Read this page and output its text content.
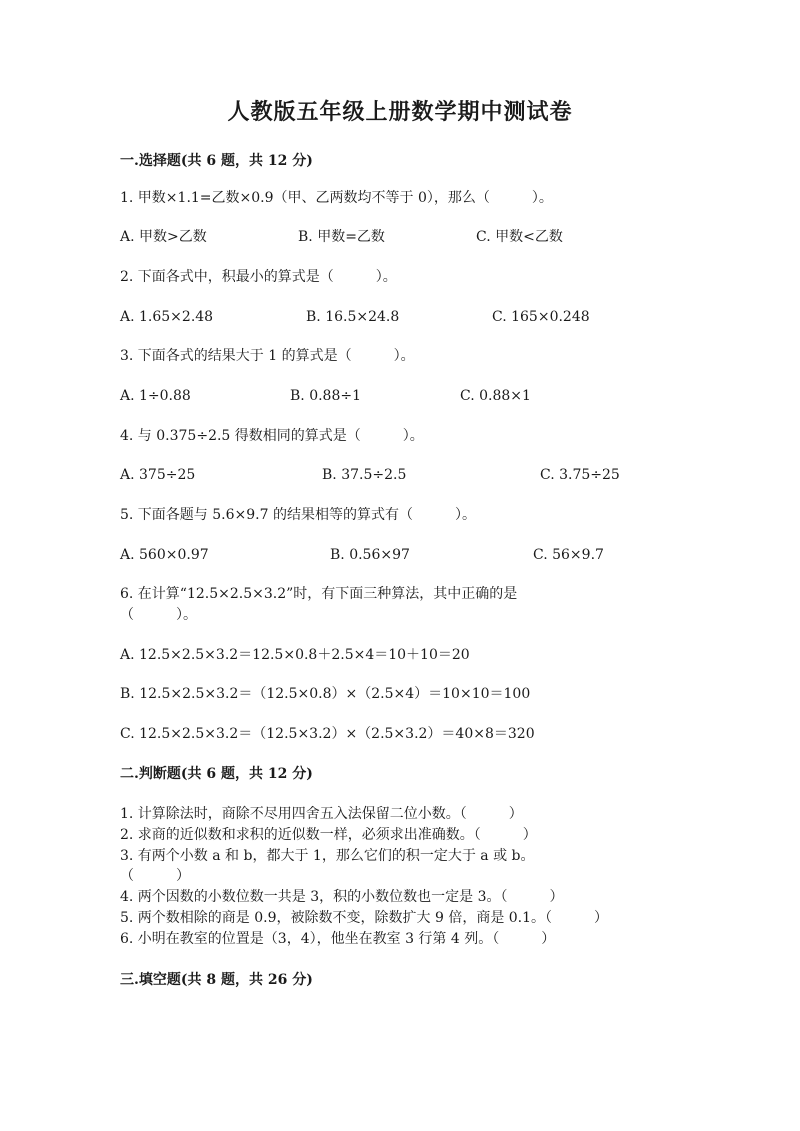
人教版五年级上册数学期中测试卷
一.选择题(共 6 题，共 12 分)
1. 甲数×1.1=乙数×0.9（甲、乙两数均不等于 0），那么（　　　）。
A. 甲数>乙数	B. 甲数=乙数	C. 甲数<乙数
2. 下面各式中，积最小的算式是（　　　）。
A. 1.65×2.48	B. 16.5×24.8	C. 165×0.248
3. 下面各式的结果大于 1 的算式是（　　　）。
A. 1÷0.88	B. 0.88÷1	C. 0.88×1
4. 与 0.375÷2.5 得数相同的算式是（　　　）。
A. 375÷25	B. 37.5÷2.5	C. 3.75÷25
5. 下面各题与 5.6×9.7 的结果相等的算式有（　　　）。
A. 560×0.97	B. 0.56×97	C. 56×9.7
6. 在计算“12.5×2.5×3.2”时，有下面三种算法，其中正确的是
（　　　）。
A. 12.5×2.5×3.2＝12.5×0.8＋2.5×4＝10＋10＝20
B. 12.5×2.5×3.2＝（12.5×0.8）×（2.5×4）＝10×10＝100
C. 12.5×2.5×3.2＝（12.5×3.2）×（2.5×3.2）＝40×8＝320
二.判断题(共 6 题，共 12 分)
1. 计算除法时，商除不尽用四舍五入法保留二位小数。（　　　）
2. 求商的近似数和求积的近似数一样，必须求出准确数。（　　　）
3. 有两个小数 a 和 b，都大于 1，那么它们的积一定大于 a 或 b。
（　　　）
4. 两个因数的小数位数一共是 3，积的小数位数也一定是 3。（　　　）
5. 两个数相除的商是 0.9，被除数不变，除数扩大 9 倍，商是 0.1。（　　　）
6. 小明在教室的位置是（3，4），他坐在教室 3 行第 4 列。（　　　）
三.填空题(共 8 题，共 26 分)
